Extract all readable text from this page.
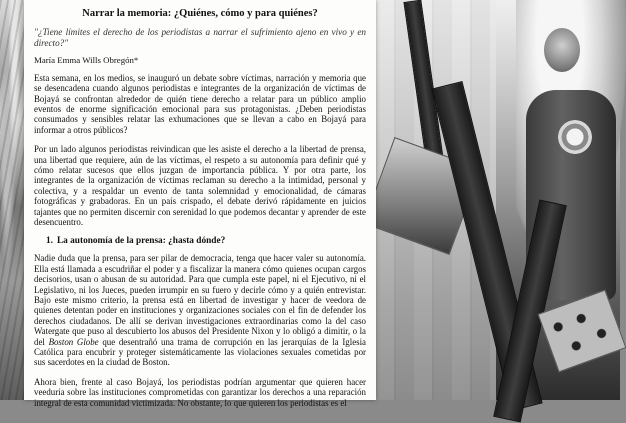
Narrar la memoria: ¿Quiénes, cómo y para quiénes?
"¿Tiene límites el derecho de los periodistas a narrar el sufrimiento ajeno en vivo y en directo?"
María Emma Wills Obregón*

Esta semana, en los medios, se inauguró un debate sobre víctimas, narración y memoria que se desencadena cuando algunos periodistas e integrantes de la organización de víctimas de Bojayá se confrontan alrededor de quién tiene derecho a relatar para un público amplio eventos de enorme significación emocional para sus protagonistas. ¿Deben periodistas consumados y sensibles relatar las exhumaciones que se llevan a cabo en Bojayá para informar a otros públicos?

Por un lado algunos periodistas reivindican que les asiste el derecho a la libertad de prensa, una libertad que requiere, aún de las víctimas, el respeto a su autonomía para definir qué y cómo relatar sucesos que ellos juzgan de importancia pública. Y por otra parte, los integrantes de la organización de víctimas reclaman su derecho a la intimidad, personal y colectiva, y a respaldar un evento de tanta solemnidad y emocionalidad, de cámaras fotográficas y grabadoras. En un país crispado, el debate derivó rápidamente en juicios tajantes que no permiten discernir con serenidad lo que podemos decantar y aprender de este desencuentro.

1. La autonomía de la prensa: ¿hasta dónde?

Nadie duda que la prensa, para ser pilar de democracia, tenga que hacer valer su autonomía. Ella está llamada a escudriñar el poder y a fiscalizar la manera cómo quienes ocupan cargos decisorios, usan o abusan de su autoridad. Para que cumpla este papel, ni el Ejecutivo, ni el Legislativo, ni los Jueces, pueden irrumpir en su fuero y decirle cómo y a quién entrevistar. Bajo este mismo criterio, la prensa está en libertad de investigar y hacer de veedora de quienes detentan poder en instituciones y organizaciones sociales con el fin de defender los derechos ciudadanos. De allí se derivan investigaciones extraordinarias como la del caso Watergate que puso al descubierto los abusos del Presidente Nixon y lo obligó a dimitir, o la del Boston Globe que desentrañó una trama de corrupción en las jerarquías de la Iglesia Católica para encubrir y proteger sistemáticamente las violaciones sexuales cometidas por sus sacerdotes en la ciudad de Boston.

Ahora bien, frente al caso Bojayá, los periodistas podrían argumentar que quieren hacer veeduría sobre las instituciones comprometidas con garantizar los derechos a una reparación integral de esta comunidad victimizada. No obstante, lo que quieren los periodistas es el
